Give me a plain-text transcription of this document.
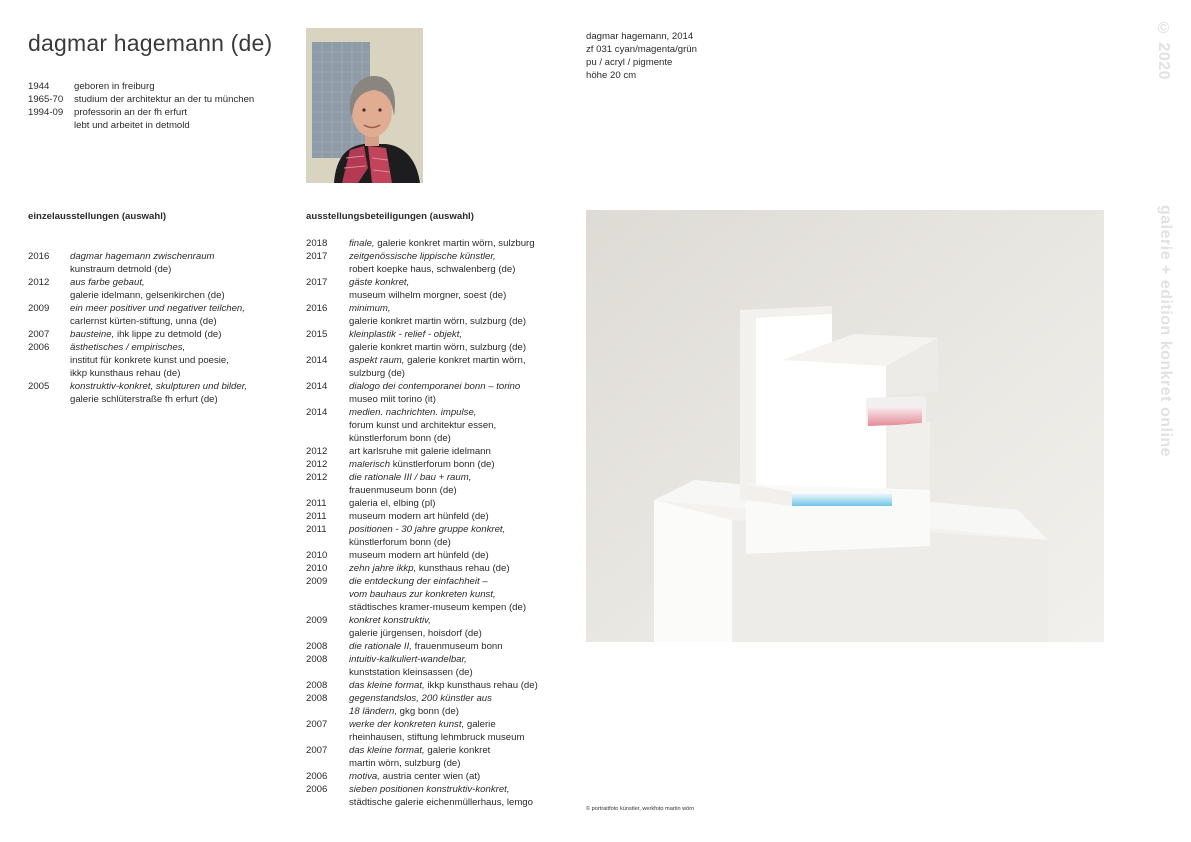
dagmar hagemann (de)
1944	geboren in freiburg
1965-70	studium der architektur an der tu münchen
1994-09	professorin an der fh erfurt
lebt und arbeitet in detmold
dagmar hagemann, 2014
zf 031 cyan/magenta/grün
pu / acryl / pigmente
höhe 20 cm	© 2020
galerie + edition konkret online
einzelausstellungen (auswahl)	ausstellungsbeteiligungen (auswahl)
2016	dagmar hagemann zwischenraum
kunstraum detmold (de)
2012	aus farbe gebaut,
galerie idelmann, gelsenkirchen (de)
2009	ein meer positiver und negativer teilchen,
carlernst kürten-stiftung, unna (de)
2007	bausteine, ihk lippe zu detmold (de)
2006	ästhetisches / empirisches,
institut für konkrete kunst und poesie,
ikkp kunsthaus rehau (de)
2005	konstruktiv-konkret, skulpturen und bilder,
galerie schlüterstraße fh erfurt (de)
2018	finale, galerie konkret martin wörn, sulzburg
2017	zeitgenössische lippische künstler,
robert koepke haus, schwalenberg (de)
2017	gäste konkret,
museum wilhelm morgner, soest (de)
2016	minimum,
galerie konkret martin wörn, sulzburg (de)
2015	kleinplastik - relief - objekt,
galerie konkret martin wörn, sulzburg (de)
2014	aspekt raum, galerie konkret martin wörn,
sulzburg (de)
2014	dialogo dei contemporanei bonn – torino
museo miit torino (it)
2014	medien. nachrichten. impulse,
forum kunst und architektur essen,
künstlerforum bonn (de)
2012	art karlsruhe mit galerie idelmann
2012	malerisch künstlerforum bonn (de)
2012	die rationale III / bau + raum,
frauenmuseum bonn (de)
2011	galeria el, elbing (pl)
2011	museum modern art hünfeld (de)
2011	positionen - 30 jahre gruppe konkret,
künstlerforum bonn (de)
2010	museum modern art hünfeld (de)
2010	zehn jahre ikkp, kunsthaus rehau (de)
2009	die entdeckung der einfachheit –
vom bauhaus zur konkreten kunst,
städtisches kramer-museum kempen (de)
2009	konkret konstruktiv,
galerie jürgensen, hoisdorf (de)
2008	die rationale II, frauenmuseum bonn
2008	intuitiv-kalkuliert-wandelbar,
kunststation kleinsassen (de)
2008	das kleine format, ikkp kunsthaus rehau (de)
2008	gegenstandslos, 200 künstler aus
18 ländern, gkg bonn (de)
2007	werke der konkreten kunst, galerie
rheinhausen, stiftung lehmbruck museum
2007	das kleine format, galerie konkret
martin wörn, sulzburg (de)
2006	motiva, austria center wien (at)
2006	sieben positionen konstruktiv-konkret,
städtische galerie eichenmüllerhaus, lemgo
© portraitfoto künstler, werkfoto martin wörn
